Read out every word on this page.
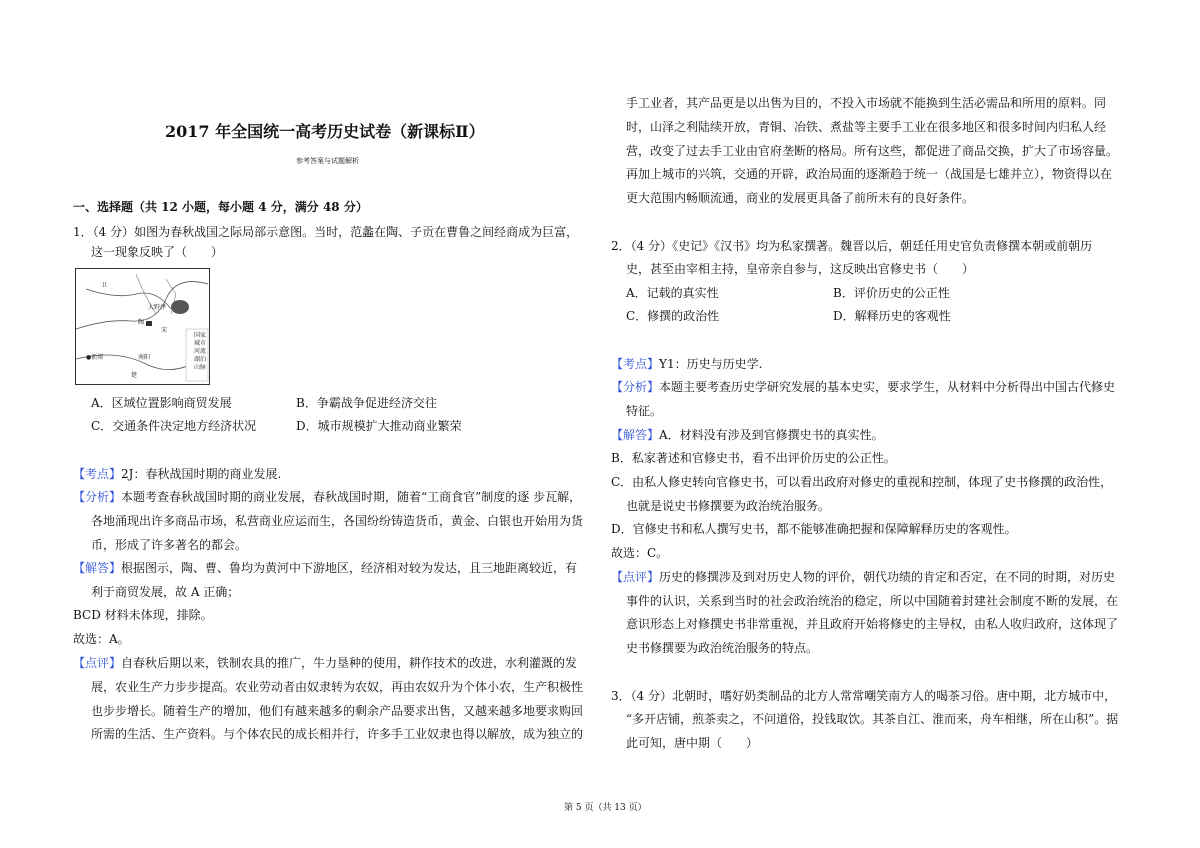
2017 年全国统一高考历史试卷（新课标Ⅱ）
参考答案与试题解析
一、选择题（共 12 小题，每小题 4 分，满分 48 分）
1．（4 分）如图为春秋战国之际局部示意图。当时，范蠡在陶、子贡在曹鲁之间经商成为巨富，
这一现象反映了（　　）
卫
大野泽
陶
宋
●新郑	南阳
楚
国家
城市
河流
湖泊
山脉
A．区域位置影响商贸发展	B．争霸战争促进经济交往
C．交通条件决定地方经济状况	D．城市规模扩大推动商业繁荣
【考点】2J：春秋战国时期的商业发展.
【分析】本题考查春秋战国时期的商业发展，春秋战国时期，随着“工商食官”制度的逐 步瓦解，
各地涌现出许多商品市场，私营商业应运而生，各国纷纷铸造货币，黄金、白银也开始用为货
币，形成了许多著名的都会。
【解答】根据图示，陶、曹、鲁均为黄河中下游地区，经济相对较为发达，且三地距离较近，有
利于商贸发展，故 A 正确；
BCD 材料未体现，排除。
故选：A。
【点评】自春秋后期以来，铁制农具的推广，牛力垦种的使用，耕作技术的改进，水利灌溉的发
展，农业生产力步步提高。农业劳动者由奴隶转为农奴，再由农奴升为个体小农，生产积极性
也步步增长。随着生产的增加，他们有越来越多的剩余产品要求出售，又越来越多地要求购回
所需的生活、生产资料。与个体农民的成长相并行，许多手工业奴隶也得以解放，成为独立的
第 5 页（共 13 页）
手工业者，其产品更是以出售为目的，不投入市场就不能换到生活必需品和所用的原料。同
时，山泽之利陆续开放，青铜、冶铁、煮盐等主要手工业在很多地区和很多时间内归私人经
营，改变了过去手工业由官府垄断的格局。所有这些，都促进了商品交换，扩大了市场容量。
再加上城市的兴筑，交通的开辟，政治局面的逐渐趋于统一（战国是七雄并立），物资得以在
更大范围内畅顺流通，商业的发展更具备了前所未有的良好条件。
2．（4 分）《史记》《汉书》均为私家撰著。魏晋以后，朝廷任用史官负责修撰本朝或前朝历
史，甚至由宰相主持，皇帝亲自参与，这反映出官修史书（　　）
A．记载的真实性	B．评价历史的公正性
C．修撰的政治性	D．解释历史的客观性
【考点】Y1：历史与历史学.
【分析】本题主要考查历史学研究发展的基本史实，要求学生，从材料中分析得出中国古代修史
特征。
【解答】A．材料没有涉及到官修撰史书的真实性。
B．私家著述和官修史书，看不出评价历史的公正性。
C．由私人修史转向官修史书，可以看出政府对修史的重视和控制，体现了史书修撰的政治性，
也就是说史书修撰要为政治统治服务。
D．官修史书和私人撰写史书，都不能够准确把握和保障解释历史的客观性。
故选：C。
【点评】历史的修撰涉及到对历史人物的评价，朝代功绩的肯定和否定，在不同的时期，对历史
事件的认识，关系到当时的社会政治统治的稳定，所以中国随着封建社会制度不断的发展，在
意识形态上对修撰史书非常重视，并且政府开始将修史的主导权，由私人收归政府，这体现了
史书修撰要为政治统治服务的特点。
3．（4 分）北朝时，嗜好奶类制品的北方人常常嘲笑南方人的喝茶习俗。唐中期，北方城市中，
“多开店铺，煎茶卖之，不问道俗，投钱取饮。其茶自江、淮而来，舟车相继，所在山积”。据
此可知，唐中期（　　）
